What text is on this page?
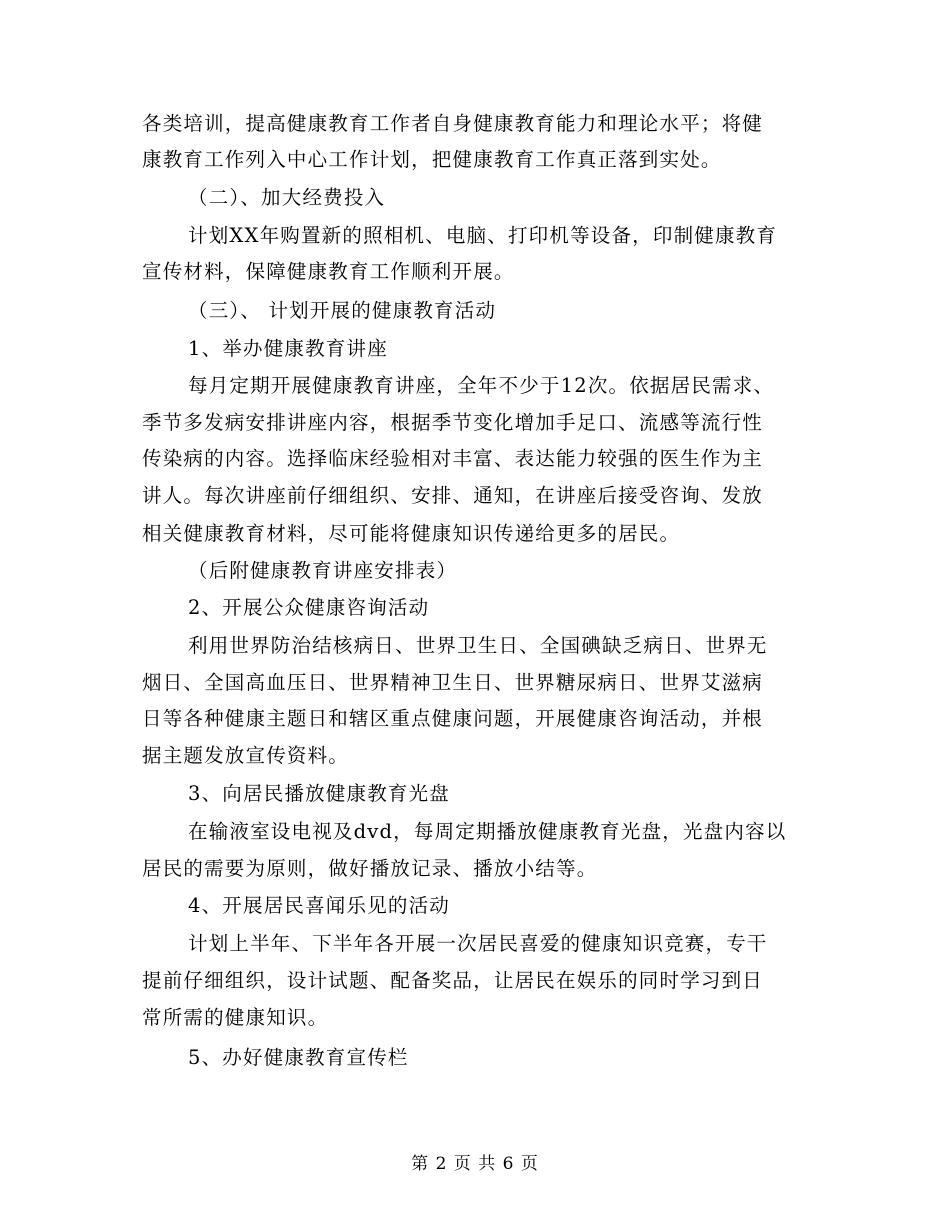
各类培训，提高健康教育工作者自身健康教育能力和理论水平；将健
康教育工作列入中心工作计划，把健康教育工作真正落到实处。
（二）、加大经费投入
计划XX年购置新的照相机、电脑、打印机等设备，印制健康教育
宣传材料，保障健康教育工作顺利开展。
（三）、 计划开展的健康教育活动
1、举办健康教育讲座
每月定期开展健康教育讲座，全年不少于12次。依据居民需求、
季节多发病安排讲座内容，根据季节变化增加手足口、流感等流行性
传染病的内容。选择临床经验相对丰富、表达能力较强的医生作为主
讲人。每次讲座前仔细组织、安排、通知，在讲座后接受咨询、发放
相关健康教育材料，尽可能将健康知识传递给更多的居民。
（后附健康教育讲座安排表）
2、开展公众健康咨询活动
利用世界防治结核病日、世界卫生日、全国碘缺乏病日、世界无
烟日、全国高血压日、世界精神卫生日、世界糖尿病日、世界艾滋病
日等各种健康主题日和辖区重点健康问题，开展健康咨询活动，并根
据主题发放宣传资料。
3、向居民播放健康教育光盘
在输液室设电视及dvd，每周定期播放健康教育光盘，光盘内容以
居民的需要为原则，做好播放记录、播放小结等。
4、开展居民喜闻乐见的活动
计划上半年、下半年各开展一次居民喜爱的健康知识竞赛，专干
提前仔细组织，设计试题、配备奖品，让居民在娱乐的同时学习到日
常所需的健康知识。
5、办好健康教育宣传栏
第 2 页 共 6 页
